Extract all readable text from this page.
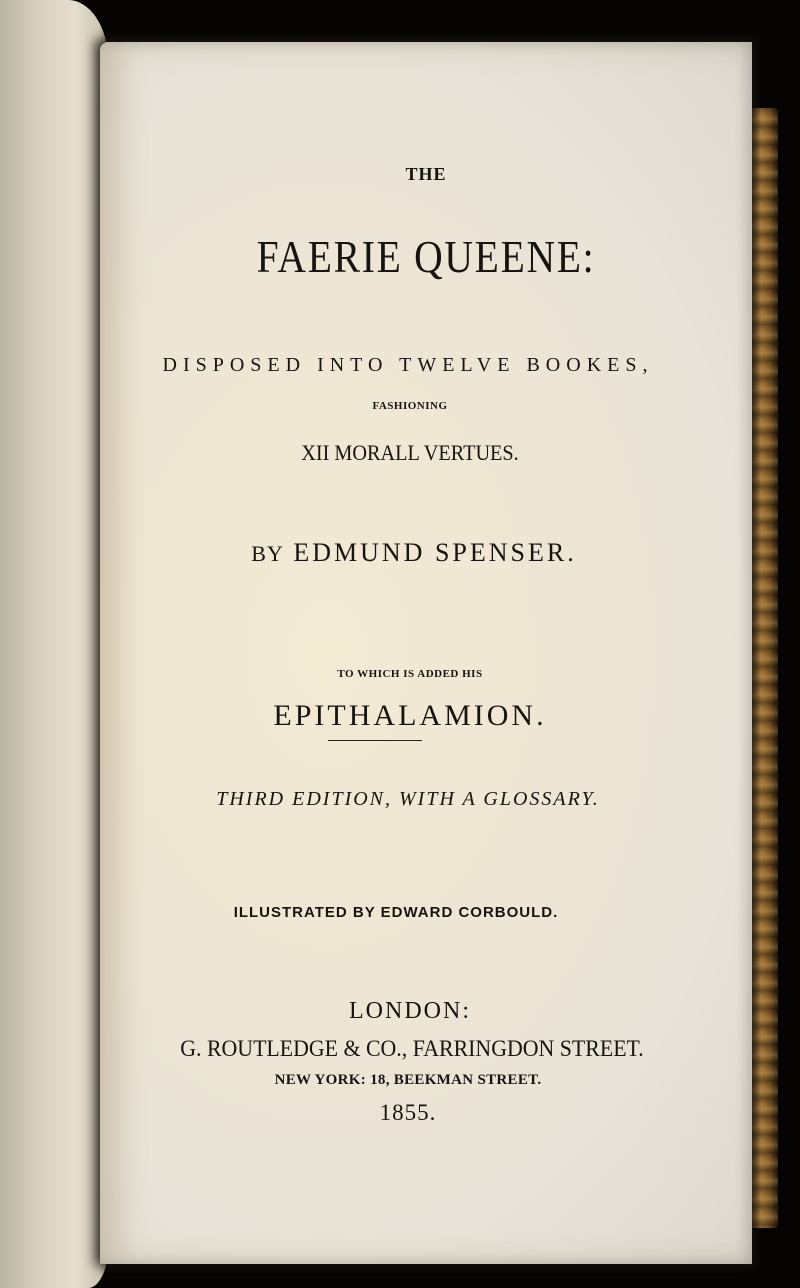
THE
FAERIE QUEENE:
DISPOSED INTO TWELVE BOOKES,
FASHIONING
XII MORALL VERTUES.
BY EDMUND SPENSER.
TO WHICH IS ADDED HIS
EPITHALAMION.
THIRD EDITION, WITH A GLOSSARY.
ILLUSTRATED BY EDWARD CORBOULD.
LONDON:
G. ROUTLEDGE & CO., FARRINGDON STREET.
NEW YORK: 18, BEEKMAN STREET.
1855.
